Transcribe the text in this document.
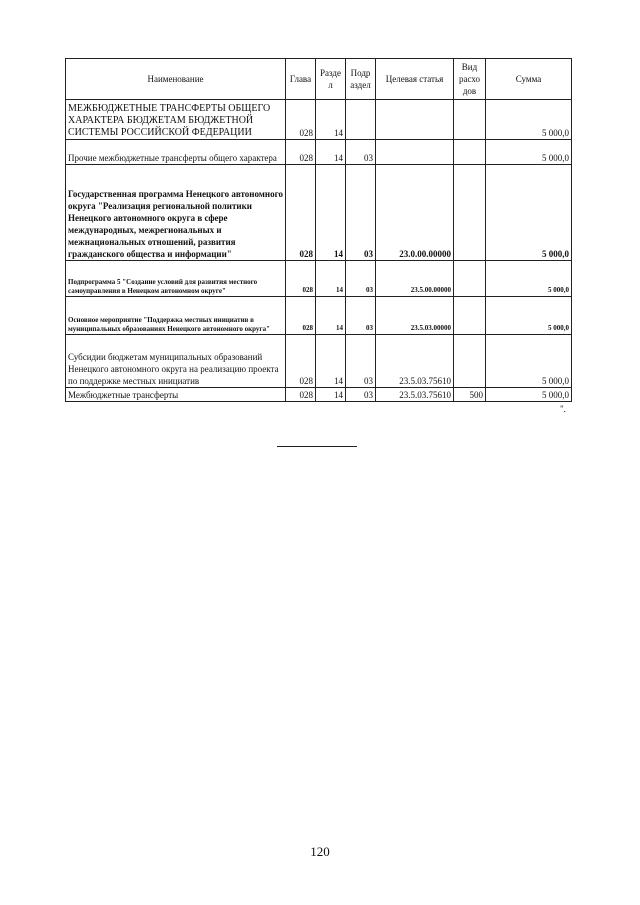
Наименование	Глава	Разде л	Подр аздел	Целевая статья	Вид расхо дов	Сумма
МЕЖБЮДЖЕТНЫЕ ТРАНСФЕРТЫ ОБЩЕГО ХАРАКТЕРА БЮДЖЕТАМ БЮДЖЕТНОЙ СИСТЕМЫ РОССИЙСКОЙ ФЕДЕРАЦИИ	028	14				5 000,0
Прочие межбюджетные трансферты общего характера	028	14	03			5 000,0
Государственная программа Ненецкого автономного округа "Реализация региональной политики Ненецкого автономного округа в сфере международных, межрегиональных и межнациональных отношений, развития гражданского общества и информации"	028	14	03	23.0.00.00000		5 000,0
Подпрограмма 5 "Создание условий для развития местного самоуправления в Ненецком автономном округе"	028	14	03	23.5.00.00000		5 000,0
Основное мероприятие "Поддержка местных инициатив в муниципальных образованиях Ненецкого автономного округа"	028	14	03	23.5.03.00000		5 000,0
Субсидии бюджетам муниципальных образований Ненецкого автономного округа на реализацию проекта по поддержке местных инициатив	028	14	03	23.5.03.75610		5 000,0
Межбюджетные трансферты	028	14	03	23.5.03.75610	500	5 000,0
".
120
